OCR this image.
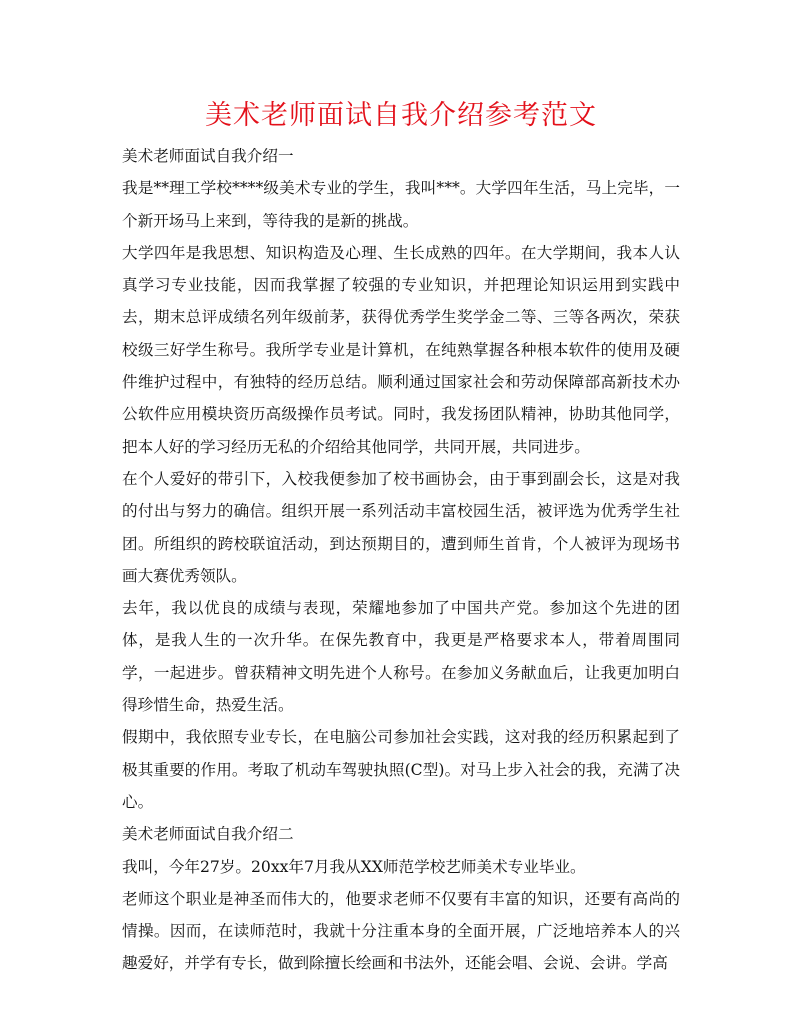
美术老师面试自我介绍参考范文

美术老师面试自我介绍一

我是**理工学校****级美术专业的学生，我叫***。大学四年生活，马上完毕，一个新开场马上来到，等待我的是新的挑战。

大学四年是我思想、知识构造及心理、生长成熟的四年。在大学期间，我本人认真学习专业技能，因而我掌握了较强的专业知识，并把理论知识运用到实践中去，期末总评成绩名列年级前茅，获得优秀学生奖学金二等、三等各两次，荣获校级三好学生称号。我所学专业是计算机，在纯熟掌握各种根本软件的使用及硬件维护过程中，有独特的经历总结。顺利通过国家社会和劳动保障部高新技术办公软件应用模块资历高级操作员考试。同时，我发扬团队精神，协助其他同学，把本人好的学习经历无私的介绍给其他同学，共同开展，共同进步。

在个人爱好的带引下，入校我便参加了校书画协会，由于事到副会长，这是对我的付出与努力的确信。组织开展一系列活动丰富校园生活，被评选为优秀学生社团。所组织的跨校联谊活动，到达预期目的，遭到师生首肯，个人被评为现场书画大赛优秀领队。

去年，我以优良的成绩与表现，荣耀地参加了中国共产党。参加这个先进的团体，是我人生的一次升华。在保先教育中，我更是严格要求本人，带着周围同学，一起进步。曾获精神文明先进个人称号。在参加义务献血后，让我更加明白得珍惜生命，热爱生活。

假期中，我依照专业专长，在电脑公司参加社会实践，这对我的经历积累起到了极其重要的作用。考取了机动车驾驶执照(C型)。对马上步入社会的我，充满了决心。

美术老师面试自我介绍二

我叫，今年27岁。20xx年7月我从XX师范学校艺师美术专业毕业。

老师这个职业是神圣而伟大的，他要求老师不仅要有丰富的知识，还要有高尚的情操。因而，在读师范时，我就十分注重本身的全面开展，广泛地培养本人的兴趣爱好，并学有专长，做到除擅长绘画和书法外，还能会唱、会说、会讲。学高
